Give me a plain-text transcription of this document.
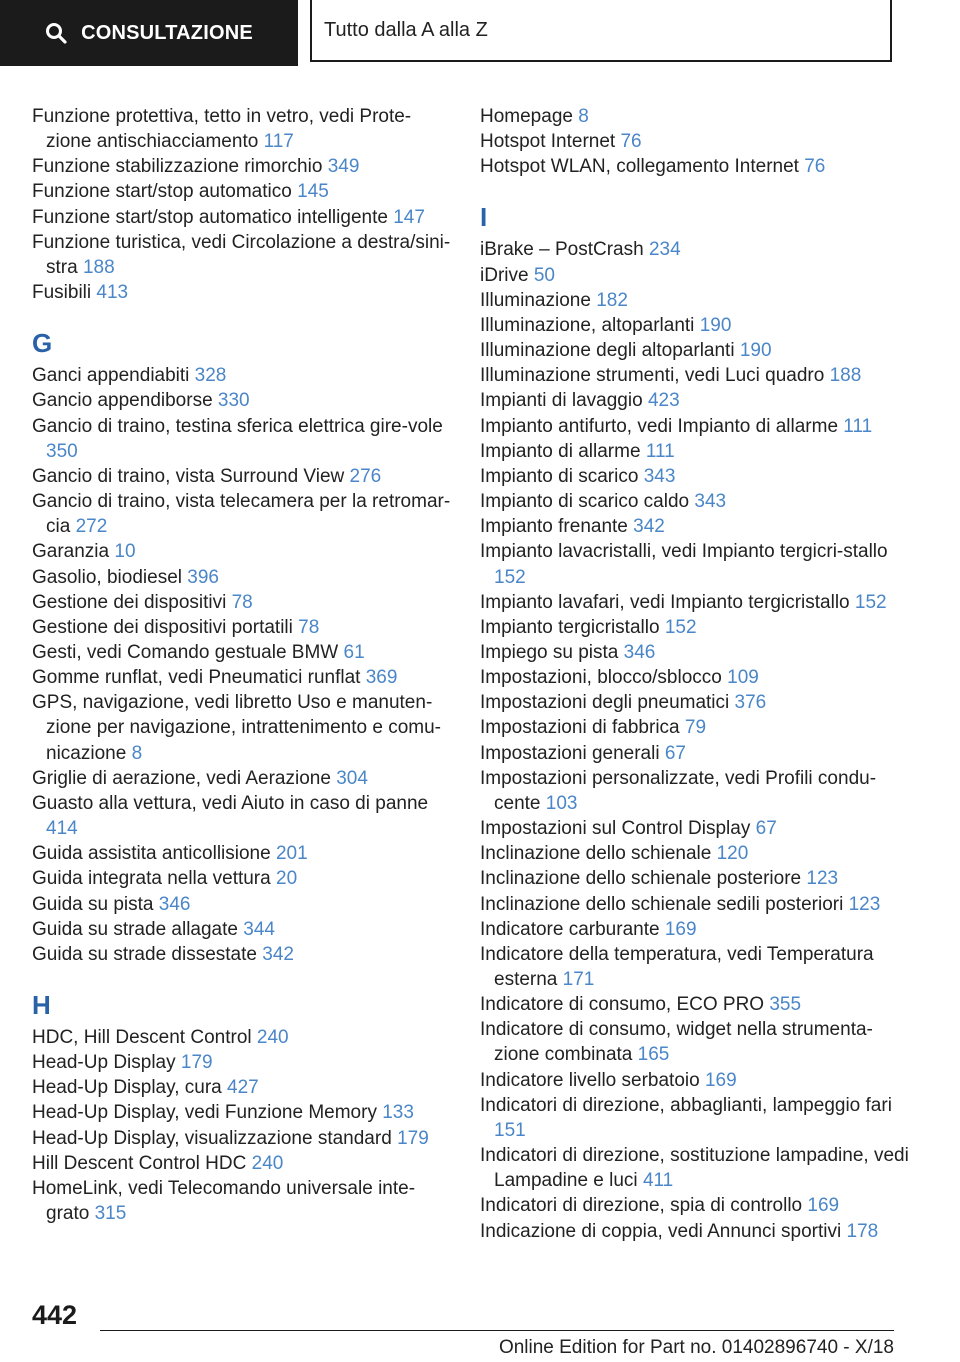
CONSULTAZIONE	Tutto dalla A alla Z
Funzione protettiva, tetto in vetro, vedi Prote‐zione antischiacciamento 117
Funzione stabilizzazione rimorchio 349
Funzione start/stop automatico 145
Funzione start/stop automatico intelligente 147
Funzione turistica, vedi Circolazione a destra/sini‐stra 188
Fusibili 413
G
Ganci appendiabiti 328
Gancio appendiborse 330
Gancio di traino, testina sferica elettrica gire‐vole 350
Gancio di traino, vista Surround View 276
Gancio di traino, vista telecamera per la retromar‐cia 272
Garanzia 10
Gasolio, biodiesel 396
Gestione dei dispositivi 78
Gestione dei dispositivi portatili 78
Gesti, vedi Comando gestuale BMW 61
Gomme runflat, vedi Pneumatici runflat 369
GPS, navigazione, vedi libretto Uso e manuten‐zione per navigazione, intrattenimento e comu‐nicazione 8
Griglie di aerazione, vedi Aerazione 304
Guasto alla vettura, vedi Aiuto in caso di panne 414
Guida assistita anticollisione 201
Guida integrata nella vettura 20
Guida su pista 346
Guida su strade allagate 344
Guida su strade dissestate 342
H
HDC, Hill Descent Control 240
Head-Up Display 179
Head-Up Display, cura 427
Head-Up Display, vedi Funzione Memory 133
Head-Up Display, visualizzazione standard 179
Hill Descent Control HDC 240
HomeLink, vedi Telecomando universale inte‐grato 315
Homepage 8
Hotspot Internet 76
Hotspot WLAN, collegamento Internet 76
I
iBrake – PostCrash 234
iDrive 50
Illuminazione 182
Illuminazione, altoparlanti 190
Illuminazione degli altoparlanti 190
Illuminazione strumenti, vedi Luci quadro 188
Impianti di lavaggio 423
Impianto antifurto, vedi Impianto di allarme 111
Impianto di allarme 111
Impianto di scarico 343
Impianto di scarico caldo 343
Impianto frenante 342
Impianto lavacristalli, vedi Impianto tergicri‐stallo 152
Impianto lavafari, vedi Impianto tergicristallo 152
Impianto tergicristallo 152
Impiego su pista 346
Impostazioni, blocco/sblocco 109
Impostazioni degli pneumatici 376
Impostazioni di fabbrica 79
Impostazioni generali 67
Impostazioni personalizzate, vedi Profili condu‐cente 103
Impostazioni sul Control Display 67
Inclinazione dello schienale 120
Inclinazione dello schienale posteriore 123
Inclinazione dello schienale sedili posteriori 123
Indicatore carburante 169
Indicatore della temperatura, vedi Temperatura esterna 171
Indicatore di consumo, ECO PRO 355
Indicatore di consumo, widget nella strumenta‐zione combinata 165
Indicatore livello serbatoio 169
Indicatori di direzione, abbaglianti, lampeggio fari 151
Indicatori di direzione, sostituzione lampadine, vedi Lampadine e luci 411
Indicatori di direzione, spia di controllo 169
Indicazione di coppia, vedi Annunci sportivi 178
442
Online Edition for Part no. 01402896740 - X/18
